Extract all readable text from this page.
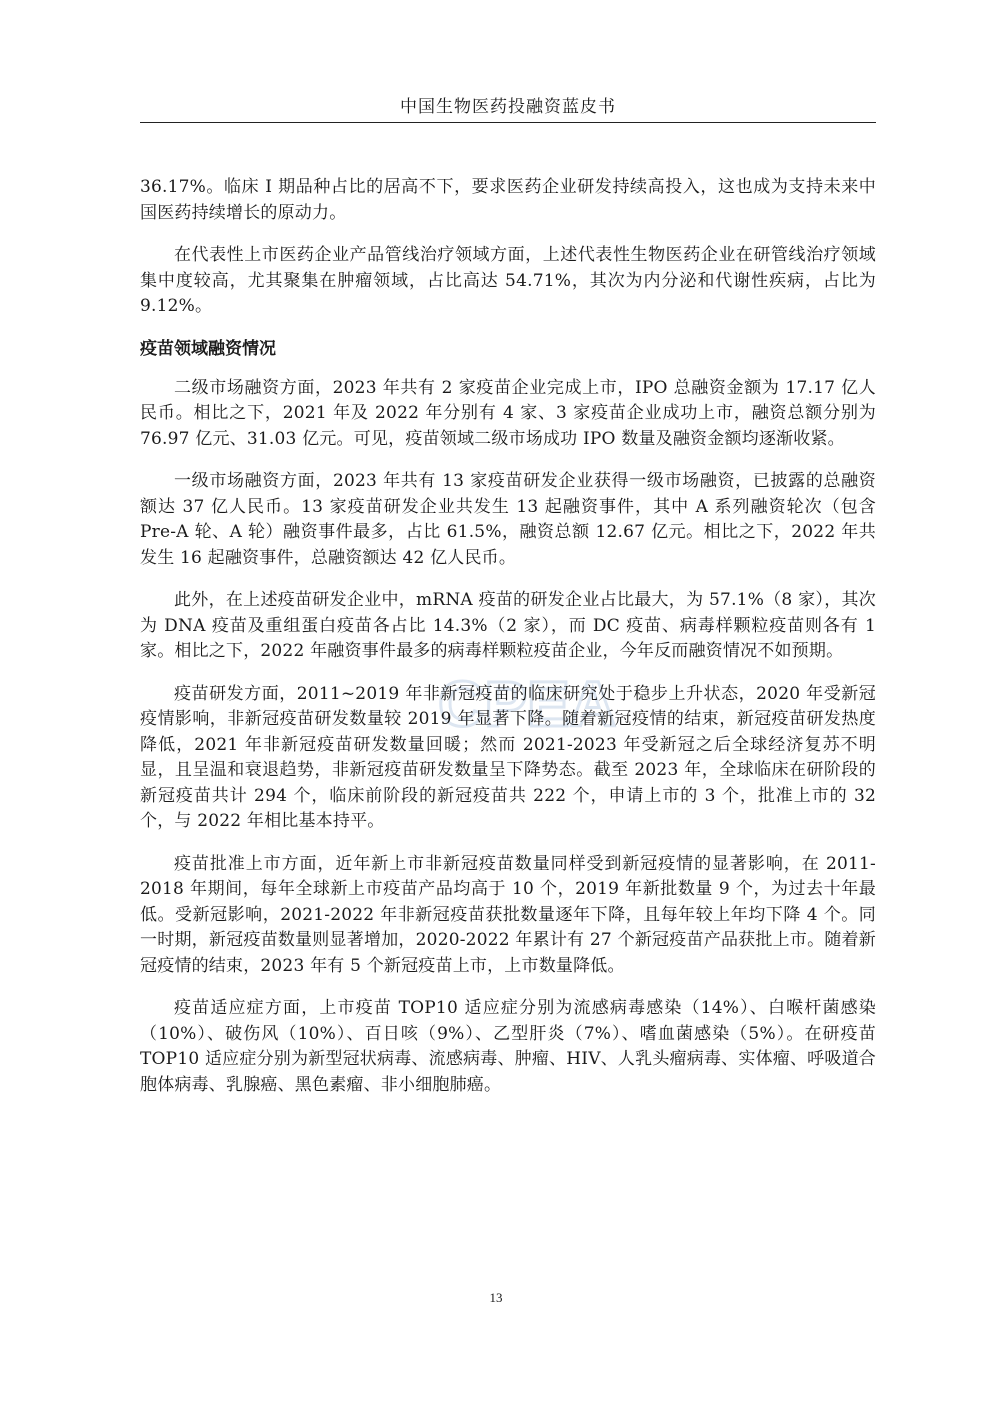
中国生物医药投融资蓝皮书
CPEA

36.17%。临床 I 期品种占比的居高不下，要求医药企业研发持续高投入，这也成为支持未来中国医药持续增长的原动力。

在代表性上市医药企业产品管线治疗领域方面，上述代表性生物医药企业在研管线治疗领域集中度较高，尤其聚集在肿瘤领域，占比高达 54.71%，其次为内分泌和代谢性疾病，占比为 9.12%。

疫苗领域融资情况

二级市场融资方面，2023 年共有 2 家疫苗企业完成上市，IPO 总融资金额为 17.17 亿人民币。相比之下，2021 年及 2022 年分别有 4 家、3 家疫苗企业成功上市，融资总额分别为 76.97 亿元、31.03 亿元。可见，疫苗领域二级市场成功 IPO 数量及融资金额均逐渐收紧。

一级市场融资方面，2023 年共有 13 家疫苗研发企业获得一级市场融资，已披露的总融资额达 37 亿人民币。13 家疫苗研发企业共发生 13 起融资事件，其中 A 系列融资轮次（包含 Pre-A 轮、A 轮）融资事件最多，占比 61.5%，融资总额 12.67 亿元。相比之下，2022 年共发生 16 起融资事件，总融资额达 42 亿人民币。

此外，在上述疫苗研发企业中，mRNA 疫苗的研发企业占比最大，为 57.1%（8 家），其次为 DNA 疫苗及重组蛋白疫苗各占比 14.3%（2 家），而 DC 疫苗、病毒样颗粒疫苗则各有 1 家。相比之下，2022 年融资事件最多的病毒样颗粒疫苗企业，今年反而融资情况不如预期。

疫苗研发方面，2011~2019 年非新冠疫苗的临床研究处于稳步上升状态，2020 年受新冠疫情影响，非新冠疫苗研发数量较 2019 年显著下降。随着新冠疫情的结束，新冠疫苗研发热度降低，2021 年非新冠疫苗研发数量回暖；然而 2021-2023 年受新冠之后全球经济复苏不明显，且呈温和衰退趋势，非新冠疫苗研发数量呈下降势态。截至 2023 年，全球临床在研阶段的新冠疫苗共计 294 个，临床前阶段的新冠疫苗共 222 个，申请上市的 3 个，批准上市的 32 个，与 2022 年相比基本持平。

疫苗批准上市方面，近年新上市非新冠疫苗数量同样受到新冠疫情的显著影响，在 2011-2018 年期间，每年全球新上市疫苗产品均高于 10 个，2019 年新批数量 9 个，为过去十年最低。受新冠影响，2021-2022 年非新冠疫苗获批数量逐年下降，且每年较上年均下降 4 个。同一时期，新冠疫苗数量则显著增加，2020-2022 年累计有 27 个新冠疫苗产品获批上市。随着新冠疫情的结束，2023 年有 5 个新冠疫苗上市，上市数量降低。

疫苗适应症方面，上市疫苗 TOP10 适应症分别为流感病毒感染（14%）、白喉杆菌感染（10%）、破伤风（10%）、百日咳（9%）、乙型肝炎（7%）、嗜血菌感染（5%）。在研疫苗 TOP10 适应症分别为新型冠状病毒、流感病毒、肿瘤、HIV、人乳头瘤病毒、实体瘤、呼吸道合胞体病毒、乳腺癌、黑色素瘤、非小细胞肺癌。

13
